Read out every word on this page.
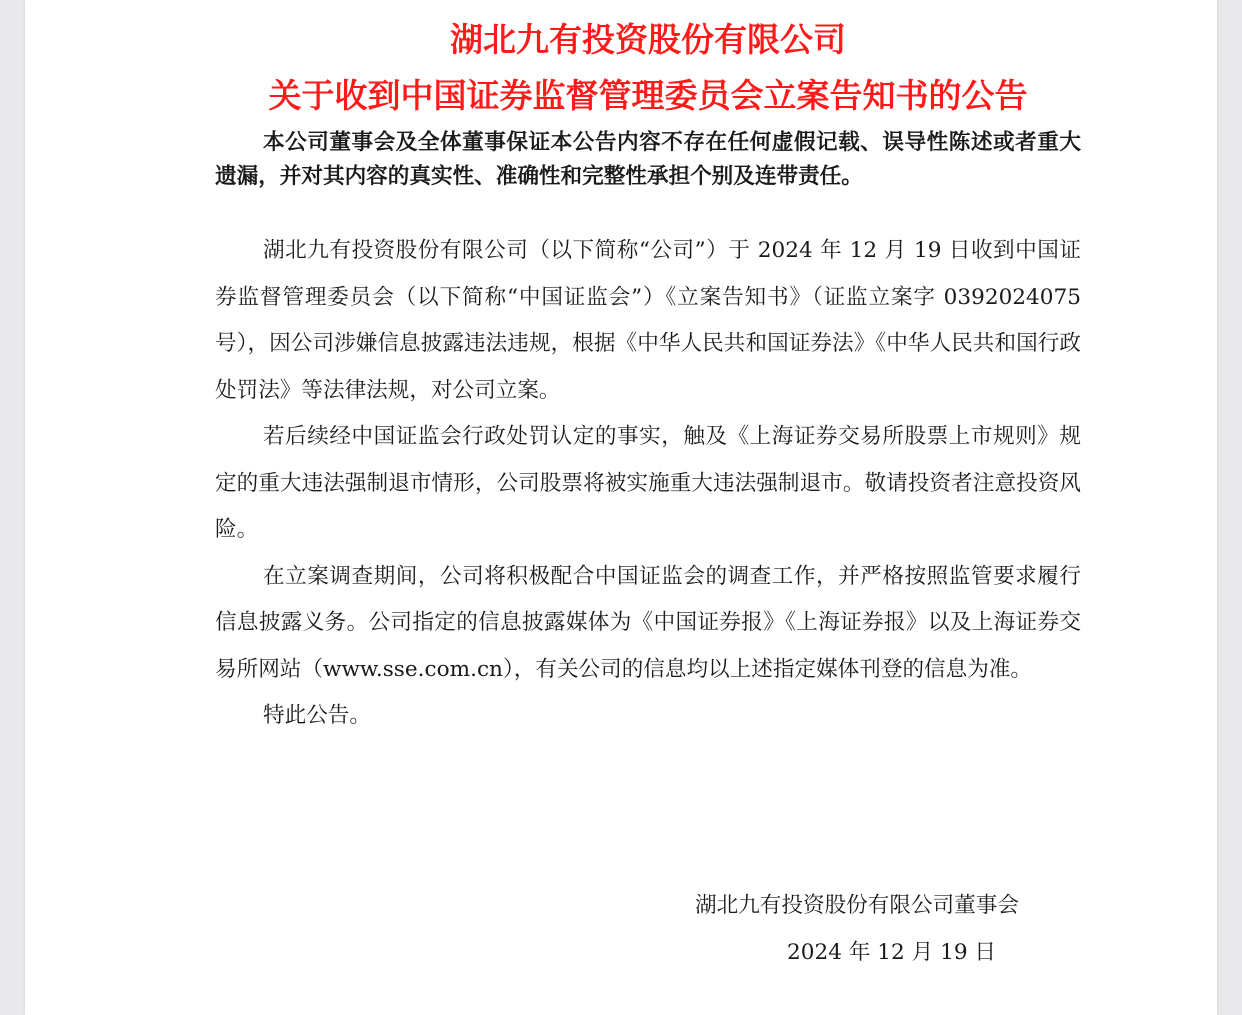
湖北九有投资股份有限公司
关于收到中国证券监督管理委员会立案告知书的公告

本公司董事会及全体董事保证本公告内容不存在任何虚假记载、误导性陈述或者重大遗漏，并对其内容的真实性、准确性和完整性承担个别及连带责任。

湖北九有投资股份有限公司（以下简称“公司”）于 2024 年 12 月 19 日收到中国证券监督管理委员会（以下简称“中国证监会”）《立案告知书》（证监立案字 0392024075 号），因公司涉嫌信息披露违法违规，根据《中华人民共和国证券法》《中华人民共和国行政处罚法》等法律法规，对公司立案。

若后续经中国证监会行政处罚认定的事实，触及《上海证券交易所股票上市规则》规定的重大违法强制退市情形，公司股票将被实施重大违法强制退市。敬请投资者注意投资风险。

在立案调查期间，公司将积极配合中国证监会的调查工作，并严格按照监管要求履行信息披露义务。公司指定的信息披露媒体为《中国证券报》《上海证券报》以及上海证券交易所网站（www.sse.com.cn），有关公司的信息均以上述指定媒体刊登的信息为准。

特此公告。

湖北九有投资股份有限公司董事会
2024 年 12 月 19 日
